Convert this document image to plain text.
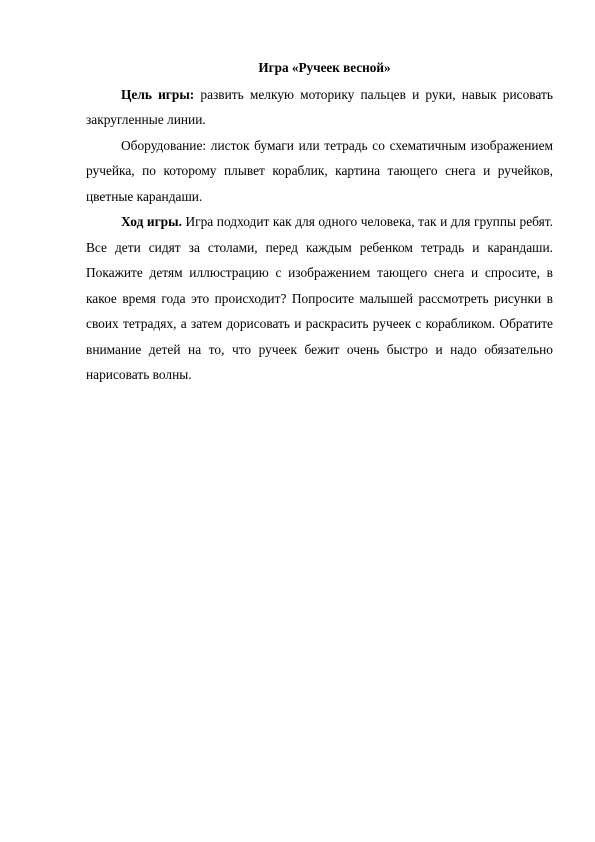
Игра «Ручеек весной»

Цель игры: развить мелкую моторику пальцев и руки, навык рисовать закругленные линии.

Оборудование: листок бумаги или тетрадь со схематичным изображением ручейка, по которому плывет кораблик, картина тающего снега и ручейков, цветные карандаши.

Ход игры. Игра подходит как для одного человека, так и для группы ребят. Все дети сидят за столами, перед каждым ребенком тетрадь и карандаши. Покажите детям иллюстрацию с изображением тающего снега и спросите, в какое время года это происходит? Попросите малышей рассмотреть рисунки в своих тетрадях, а затем дорисовать и раскрасить ручеек с корабликом. Обратите внимание детей на то, что ручеек бежит очень быстро и надо обязательно нарисовать волны.
